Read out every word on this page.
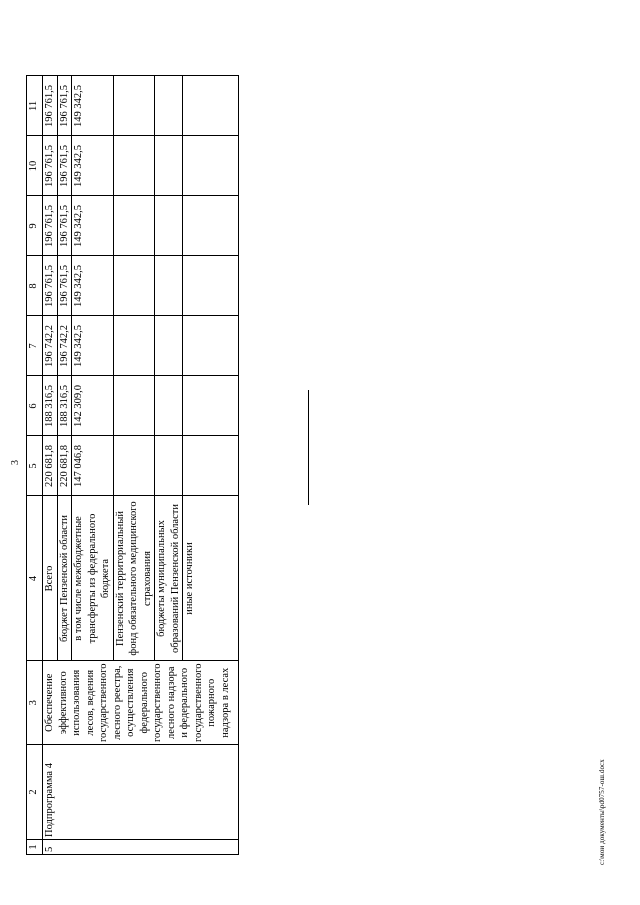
3
1	2	3	4	5	6	7	8	9	10	11
5	Подпрограмма 4	Обеспечение эффективного использования лесов, ведения государственного лесного реестра, осуществления федерального государственного лесного надзора и федерального государственного пожарного надзора в лесах	Всего	220 681,8	188 316,5	196 742,2	196 761,5	196 761,5	196 761,5	196 761,5
			бюджет Пензенской области	220 681,8	188 316,5	196 742,2	196 761,5	196 761,5	196 761,5	196 761,5
			в том числе межбюджетные трансферты из федерального бюджета	147 046,8	142 309,0	149 342,5	149 342,5	149 342,5	149 342,5	149 342,5
			Пензенский территориальный фонд обязательного медицинского страхования							
			бюджеты муниципальных образований Пензенской области							
			иные источники							
c:\мои документы\pd0757-ош.docx
